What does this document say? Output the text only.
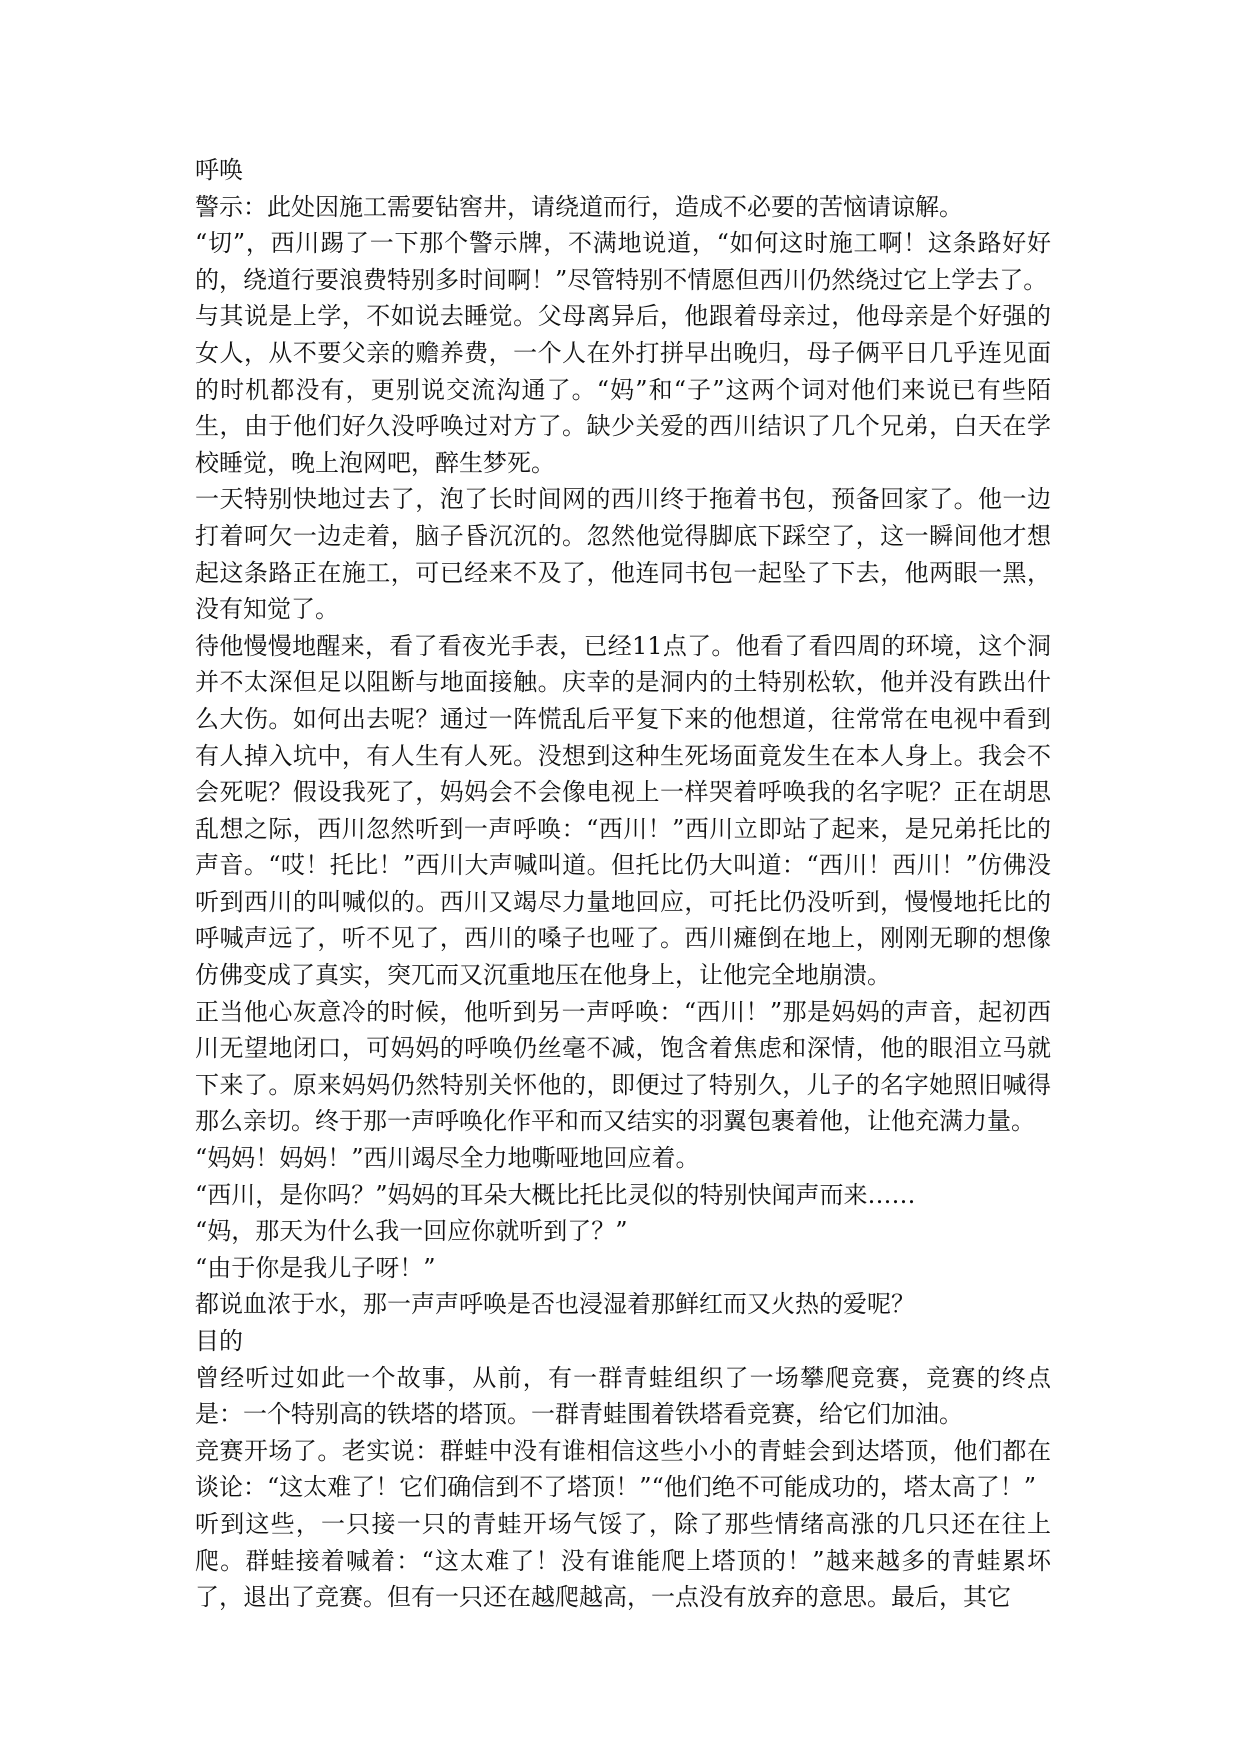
呼唤

警示：此处因施工需要钻窖井，请绕道而行，造成不必要的苦恼请谅解。

“切”，西川踢了一下那个警示牌，不满地说道，“如何这时施工啊！这条路好好的，绕道行要浪费特别多时间啊！”尽管特别不情愿但西川仍然绕过它上学去了。

与其说是上学，不如说去睡觉。父母离异后，他跟着母亲过，他母亲是个好强的女人，从不要父亲的赡养费，一个人在外打拼早出晚归，母子俩平日几乎连见面的时机都没有，更别说交流沟通了。“妈”和“子”这两个词对他们来说已有些陌生，由于他们好久没呼唤过对方了。缺少关爱的西川结识了几个兄弟，白天在学校睡觉，晚上泡网吧，醉生梦死。

一天特别快地过去了，泡了长时间网的西川终于拖着书包，预备回家了。他一边打着呵欠一边走着，脑子昏沉沉的。忽然他觉得脚底下踩空了，这一瞬间他才想起这条路正在施工，可已经来不及了，他连同书包一起坠了下去，他两眼一黑，没有知觉了。

待他慢慢地醒来，看了看夜光手表，已经11点了。他看了看四周的环境，这个洞并不太深但足以阻断与地面接触。庆幸的是洞内的土特别松软，他并没有跌出什么大伤。如何出去呢？通过一阵慌乱后平复下来的他想道，往常常在电视中看到有人掉入坑中，有人生有人死。没想到这种生死场面竟发生在本人身上。我会不会死呢？假设我死了，妈妈会不会像电视上一样哭着呼唤我的名字呢？正在胡思乱想之际，西川忽然听到一声呼唤：“西川！”西川立即站了起来，是兄弟托比的声音。“哎！托比！”西川大声喊叫道。但托比仍大叫道：“西川！西川！”仿佛没听到西川的叫喊似的。西川又竭尽力量地回应，可托比仍没听到，慢慢地托比的呼喊声远了，听不见了，西川的嗓子也哑了。西川瘫倒在地上，刚刚无聊的想像仿佛变成了真实，突兀而又沉重地压在他身上，让他完全地崩溃。

正当他心灰意冷的时候，他听到另一声呼唤：“西川！”那是妈妈的声音，起初西川无望地闭口，可妈妈的呼唤仍丝毫不减，饱含着焦虑和深情，他的眼泪立马就下来了。原来妈妈仍然特别关怀他的，即便过了特别久，儿子的名字她照旧喊得那么亲切。终于那一声呼唤化作平和而又结实的羽翼包裹着他，让他充满力量。

“妈妈！妈妈！”西川竭尽全力地嘶哑地回应着。

“西川，是你吗？”妈妈的耳朵大概比托比灵似的特别快闻声而来……

“妈，那天为什么我一回应你就听到了？”

“由于你是我儿子呀！”

都说血浓于水，那一声声呼唤是否也浸湿着那鲜红而又火热的爱呢？

目的

曾经听过如此一个故事，从前，有一群青蛙组织了一场攀爬竞赛，竞赛的终点是：一个特别高的铁塔的塔顶。一群青蛙围着铁塔看竞赛，给它们加油。

竞赛开场了。老实说：群蛙中没有谁相信这些小小的青蛙会到达塔顶，他们都在谈论：“这太难了！它们确信到不了塔顶！”“他们绝不可能成功的，塔太高了！”

听到这些，一只接一只的青蛙开场气馁了，除了那些情绪高涨的几只还在往上爬。群蛙接着喊着：“这太难了！没有谁能爬上塔顶的！”越来越多的青蛙累坏了，退出了竞赛。但有一只还在越爬越高，一点没有放弃的意思。最后，其它
